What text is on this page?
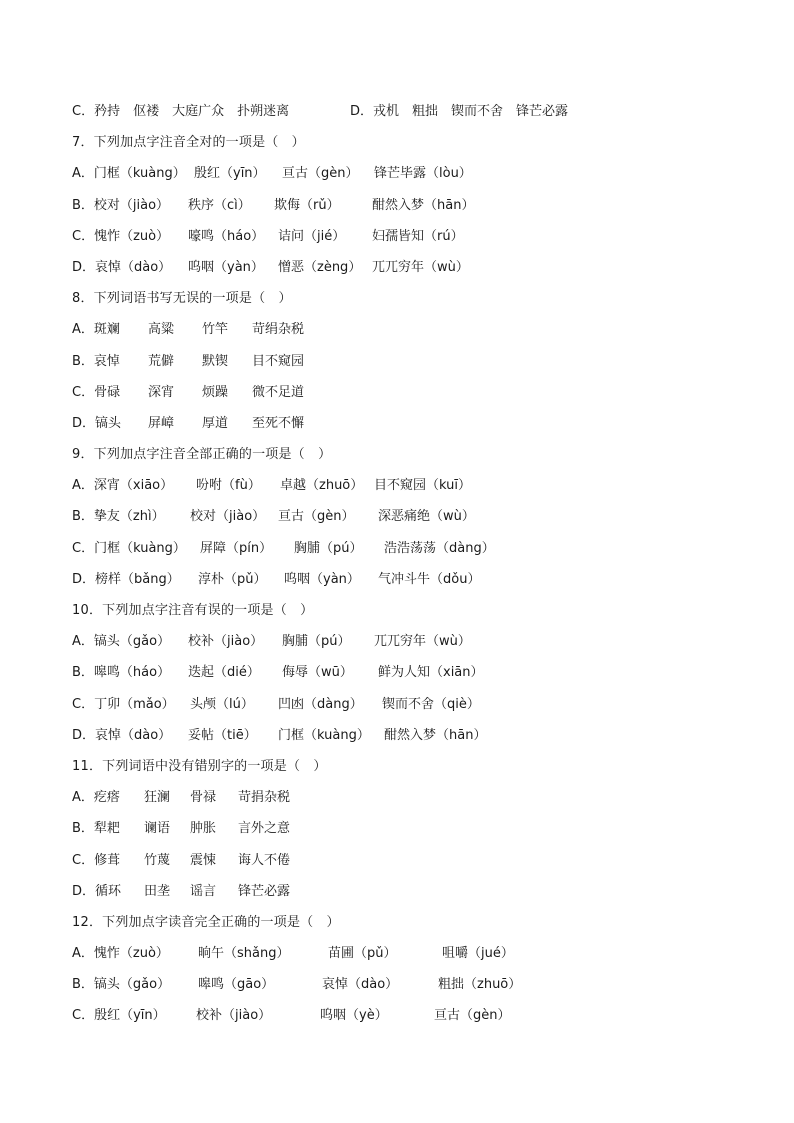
C．矜持　伛褛　大庭广众　扑朔迷离	D．戎机　粗拙　锲而不舍　锋芒必露
7．下列加点字注音全对的一项是（　）
A．门框（kuàng） 殷红（yīn） 亘古（gèn） 锋芒毕露（lòu）
B．校对（jiào） 秩序（cì） 欺侮（rǔ） 酣然入梦（hān）
C．愧怍（zuò） 嚎鸣（háo） 诘问（jié） 妇孺皆知（rú）
D．哀悼（dào） 呜咽（yàn） 憎恶（zèng） 兀兀穷年（wù）
8．下列词语书写无误的一项是（　）
A．斑斓 高粱 竹竿 苛绢杂税
B．哀悼 荒僻 默锲 目不窥园
C．骨碌 深宵 烦躁 微不足道
D．镐头 屏嶂 厚道 至死不懈
9．下列加点字注音全部正确的一项是（　）
A．深宵（xiāo） 吩咐（fù） 卓越（zhuō） 目不窥园（kuī）
B．挚友（zhì） 校对（jiào） 亘古（gèn） 深恶痛绝（wù）
C．门框（kuàng） 屏障（pín） 胸脯（pú） 浩浩荡荡（dàng）
D．榜样（bǎng） 淳朴（pǔ） 呜咽（yàn） 气冲斗牛（dǒu）
10．下列加点字注音有误的一项是（　）
A．镐头（gǎo） 校补（jiào） 胸脯（pú） 兀兀穷年（wù）
B．嗥鸣（háo） 迭起（dié） 侮辱（wū） 鲜为人知（xiān）
C．丁卯（mǎo） 头颅（lú） 凹凼（dàng） 锲而不舍（qiè）
D．哀悼（dào） 妥帖（tiē） 门框（kuàng） 酣然入梦（hān）
11．下列词语中没有错别字的一项是（　）
A．疙瘩 狂澜 骨禄 苛捐杂税
B．犁耙 谰语 肿胀 言外之意
C．修葺 竹蔑 震悚 诲人不倦
D．循环 田垄 谣言 锋芒必露
12．下列加点字读音完全正确的一项是（　）
A．愧怍（zuò） 晌午（shǎng）	苗圃（pǔ）	咀嚼（jué）
B．镐头（gǎo） 嗥鸣（gāo）	哀悼（dào）	粗拙（zhuō）
C．殷红（yīn） 校补（jiào）	呜咽（yè）	亘古（gèn）
